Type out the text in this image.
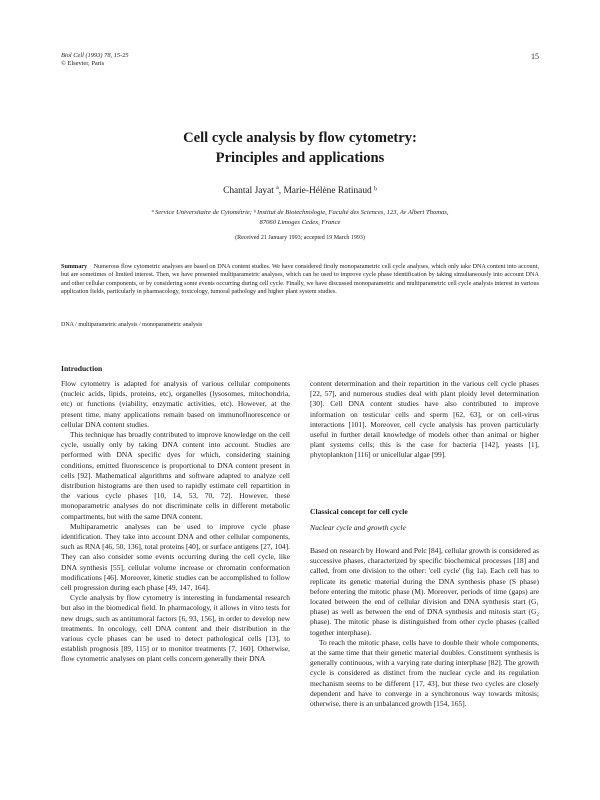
Biol Cell (1993) 78, 15-25
© Elsevier, Paris
15
Cell cycle analysis by flow cytometry:
Principles and applications
Chantal Jayat ª, Marie-Hélène Ratinaud ᵇ
ª Service Universitaire de Cytométrie; ᵇ Institut de Biotechnologie, Faculté des Sciences, 123, Av Albert Thomas,
87060 Limoges Cedex, France
(Received 21 January 1993; accepted 19 March 1993)
Summary Numerous flow cytometric analyses are based on DNA content studies. We have considered firstly monoparametric cell cycle analyses, which only take DNA content into account, but are sometimes of limited interest. Then, we have presented multiparametric analyses, which can be used to improve cycle phase identification by taking simultaneously into account DNA and other cellular components, or by considering some events occurring during cell cycle. Finally, we have discussed monoparametric and multiparametric cell cycle analysis interest in various application fields, particularly in pharmacology, toxicology, tumoral pathology and higher plant system studies.
DNA / multiparametric analysis / monoparametric analysis
Introduction

Flow cytometry is adapted for analysis of various cellular components (nucleic acids, lipids, proteins, etc), organelles (lysosomes, mitochondria, etc) or functions (viability, enzymatic activities, etc). However, at the present time, many applications remain based on immunofluorescence or cellular DNA content studies.

This technique has broadly contributed to improve knowledge on the cell cycle, usually only by taking DNA content into account. Studies are performed with DNA specific dyes for which, considering staining conditions, emitted fluorescence is proportional to DNA content present in cells [92]. Mathematical algorithms and software adapted to analyze cell distribution histograms are then used to rapidly estimate cell repartition in the various cycle phases [10, 14, 53, 70, 72]. However, these monoparametric analyses do not discriminate cells in different metabolic compartments, but with the same DNA content.

Multiparametric analyses can be used to improve cycle phase identification. They take into account DNA and other cellular components, such as RNA [46, 50, 136], total proteins [40], or surface antigens [27, 104]. They can also consider some events occurring during the cell cycle, like DNA synthesis [55], cellular volume increase or chromatin conformation modifications [46]. Moreover, kinetic studies can be accomplished to follow cell progression during each phase [49, 147, 164].

Cycle analysis by flow cytometry is interesting in fundamental research but also in the biomedical field. In pharmacology, it allows in vitro tests for new drugs, such as antitumoral factors [6, 93, 156], in order to develop new treatments. In oncology, cell DNA content and their distribution in the various cycle phases can be used to detect pathological cells [13], to establish prognosis [89, 115] or to monitor treatments [7, 160]. Otherwise, flow cytometric analyses on plant cells concern generally their DNA

content determination and their repartition in the various cell cycle phases [22, 57], and numerous studies deal with plant ploidy level determination [30]. Cell DNA content studies have also contributed to improve information on testicular cells and sperm [62, 63], or on cell-virus interactions [101]. Moreover, cell cycle analysis has proven particularly useful in further detail knowledge of models other than animal or higher plant systems cells; this is the case for bacteria [142], yeasts [1], phytoplankton [116] or unicellular algae [99].

Classical concept for cell cycle
Nuclear cycle and growth cycle

Based on research by Howard and Pelc [84], cellular growth is considered as successive phases, characterized by specific biochemical processes [18] and called, from one division to the other: 'cell cycle' (fig 1a). Each cell has to replicate its genetic material during the DNA synthesis phase (S phase) before entering the mitotic phase (M). Moreover, periods of time (gaps) are located between the end of cellular division and DNA synthesis start (G₁ phase) as well as between the end of DNA synthesis and mitosis start (G₂ phase). The mitotic phase is distinguished from other cycle phases (called together interphase).

To reach the mitotic phase, cells have to double their whole components, at the same time that their genetic material doubles. Constituent synthesis is generally continuous, with a varying rate during interphase [82]. The growth cycle is considered as distinct from the nuclear cycle and its regulation mechanism seems to be different [17, 43], but these two cycles are closely dependent and have to converge in a synchronous way towards mitosis; otherwise, there is an unbalanced growth [154, 165].
